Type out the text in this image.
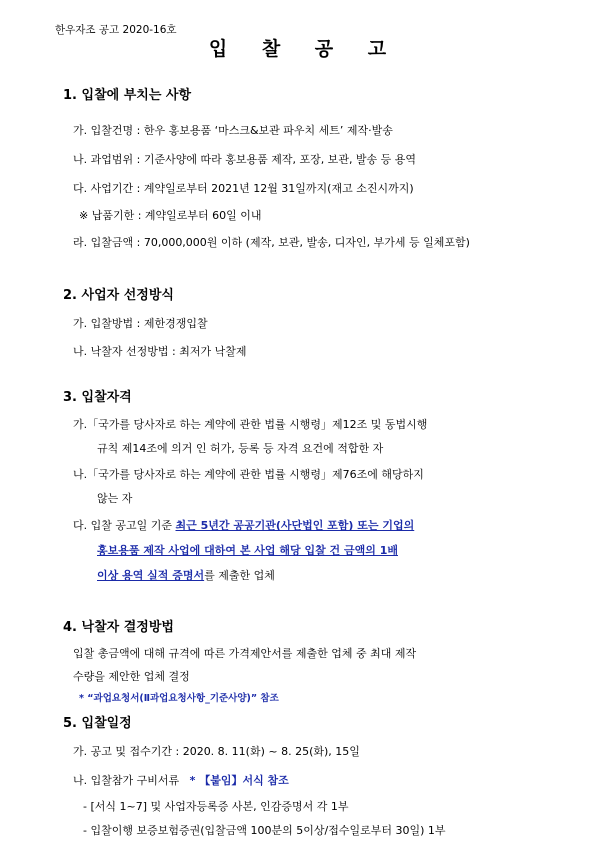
한우자조 공고 2020-16호
입 찰 공 고
1. 입찰에 부치는 사항
가. 입찰건명 : 한우 홍보용품 ‘마스크&보관 파우치 세트’ 제작·발송
나. 과업범위 : 기준사양에 따라 홍보용품 제작, 포장, 보관, 발송 등 용역
다. 사업기간 : 계약일로부터 2021년 12월 31일까지(재고 소진시까지)
※ 납품기한 : 계약일로부터 60일 이내
라. 입찰금액 : 70,000,000원 이하 (제작, 보관, 발송, 디자인, 부가세 등 일체포함)
2. 사업자 선정방식
가. 입찰방법 : 제한경쟁입찰
나. 낙찰자 선정방법 : 최저가 낙찰제
3. 입찰자격
가.「국가를 당사자로 하는 계약에 관한 법률 시행령」제12조 및 동법시행
규칙 제14조에 의거 인 허가, 등록 등 자격 요건에 적합한 자
나.「국가를 당사자로 하는 계약에 관한 법률 시행령」제76조에 해당하지
않는 자
다. 입찰 공고일 기준 최근 5년간 공공기관(사단법인 포함) 또는 기업의
홍보용품 제작 사업에 대하여 본 사업 해당 입찰 건 금액의 1배
이상 용역 실적 증명서를 제출한 업체
4. 낙찰자 결정방법
입찰 총금액에 대해 규격에 따른 가격제안서를 제출한 업체 중 최대 제작
수량을 제안한 업체 결정
* “과업요청서(Ⅱ과업요청사항_기준사양)” 참조
5. 입찰일정
가. 공고 및 접수기간 : 2020. 8. 11(화) ~ 8. 25(화), 15일
나. 입찰참가 구비서류 * 【붙임】서식 참조
- [서식 1~7] 및 사업자등록증 사본, 인감증명서 각 1부
- 입찰이행 보증보험증권(입찰금액 100분의 5이상/접수일로부터 30일) 1부
